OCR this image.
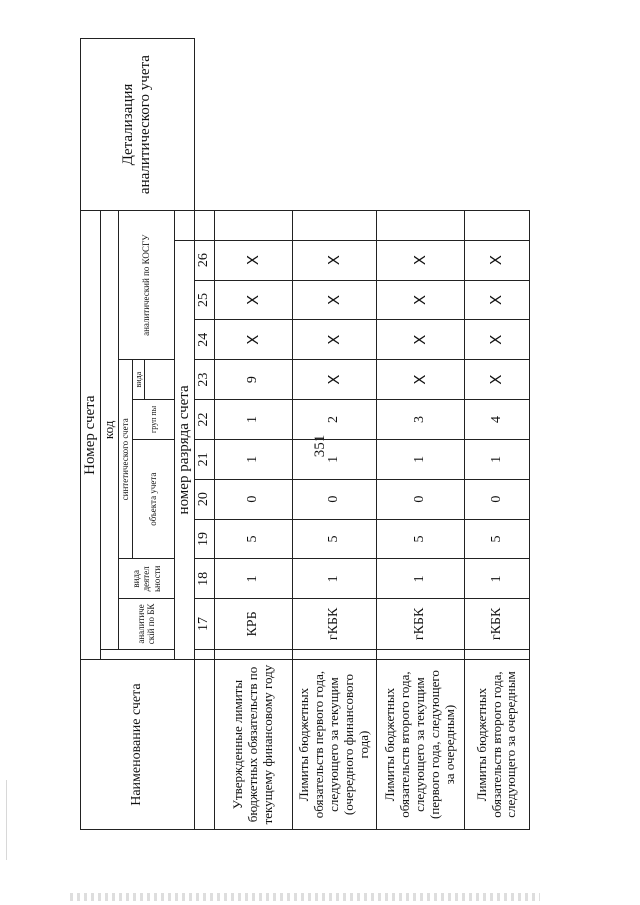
351
Наименование счета	Номер счета												Детализация аналитического учета
		код											
		аналитиче скій по БК	вида деятел ьности	синтетического счета					аналитический по КОСГУ				
				объекта учета			груп пы	вида					

	номер разряда счета												
		17	18	19	20	21	22	23	24	25	26		
Утвержденные лимиты бюджетных обязательств по текущему финансовому году		КРБ	1	5	0	1	1	9	X	X	X		
Лимиты бюджетных обязательств первого года, следующего за текущим (очередного финансового года)		гКБК	1	5	0	1	2	X	X	X	X		
Лимиты бюджетных обязательств второго года, следующего за текущим (первого года, следующего за очередным)		гКБК	1	5	0	1	3	X	X	X	X		
Лимиты бюджетных обязательств второго года, следующего за очередным		гКБК	1	5	0	1	4	X	X	X	X		
